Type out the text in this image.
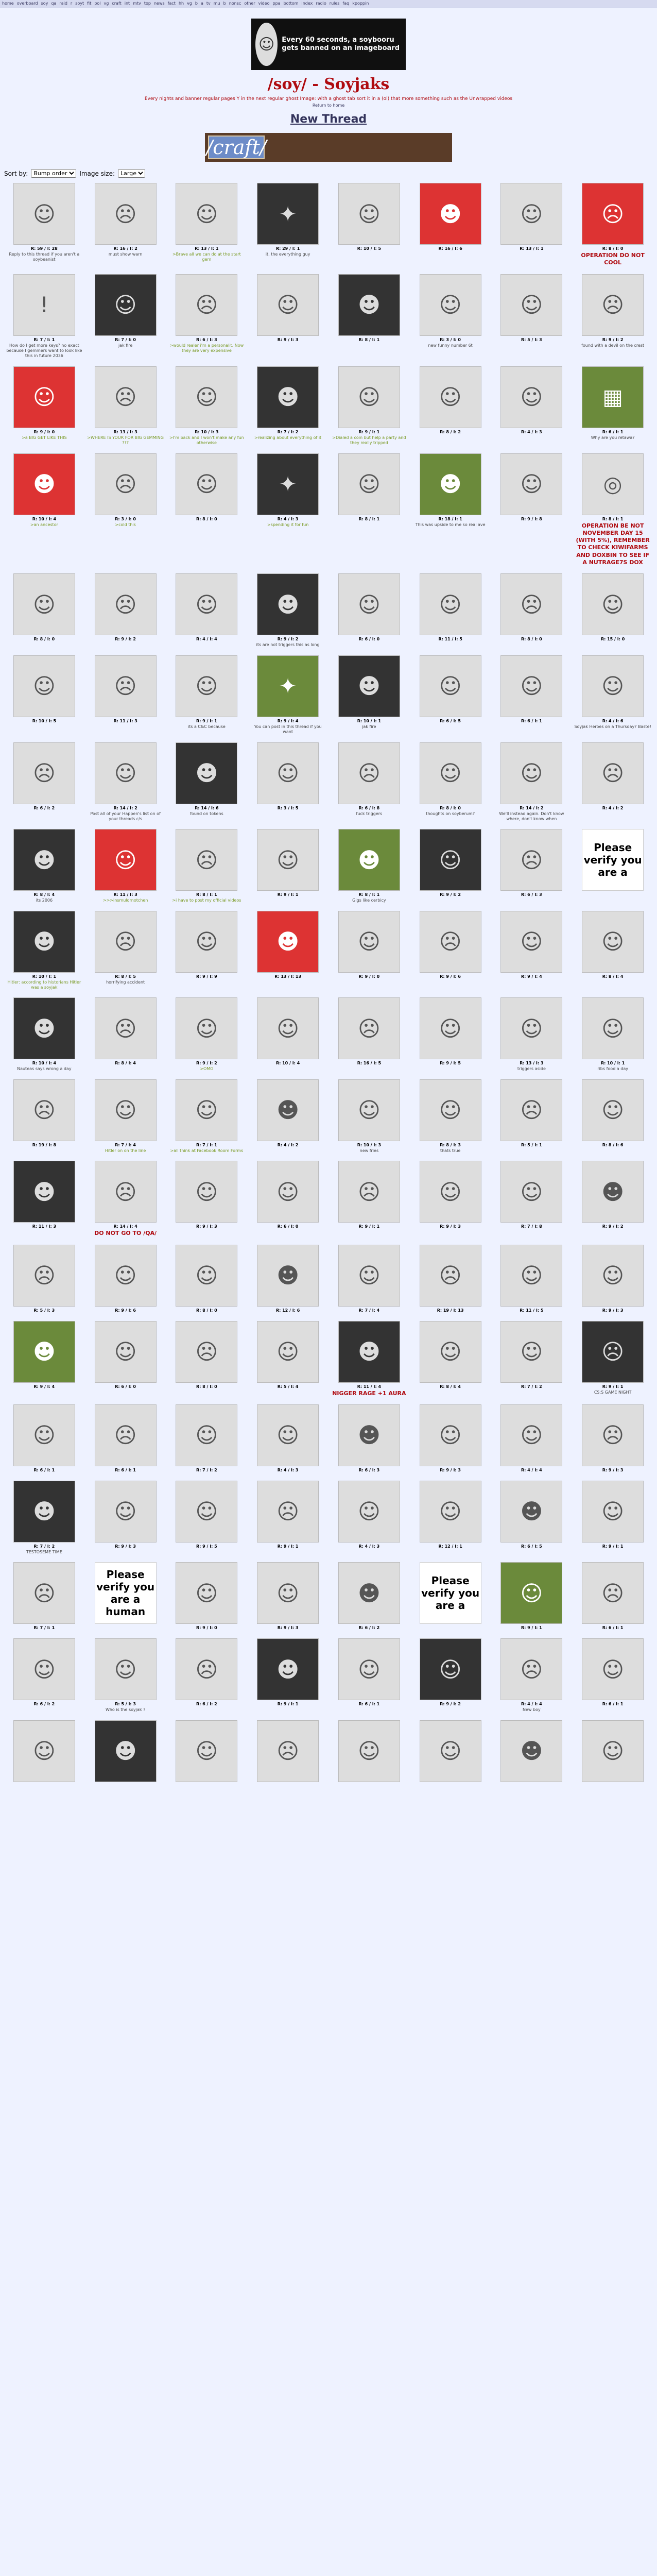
home overboard soy qa raid r soyt fit pol vg craft int mtv top news fact hh vg b a tv mu b nonsc other video ppa bottom index radio rules faq kpoppin
☺	Every 60 seconds, a soybooru gets banned on an imageboard
/soy/ - Soyjaks
Every nights and banner regular pages Y in the next regular ghost Image: with a ghost tab sort it in a (ol) that more something such as the Unwrapped videos
Return to home
New Thread
/craft/
Sort by:
Bump order	Image size:
Large
☺
R: 59 / I: 28
Reply to this thread if you aren't a soybeanist
☹
R: 16 / I: 2
must show warn
☺
R: 13 / I: 1
>Brave all we can do at the start gem
✦
R: 29 / I: 1
it, the everything guy
☺
R: 10 / I: 5
☻
R: 16 / I: 6
☺
R: 13 / I: 1
☹
R: 8 / I: 0
OPERATION DO NOT COOL
!
R: 7 / I: 1
How do I get more keys? no exact because I gemmers want to look like this in future 2036
☺
R: 7 / I: 0
jak fire
☹
R: 6 / I: 3
>would realer i'm a personalit. Now they are very expensive
☺
R: 9 / I: 3
☻
R: 8 / I: 1
☺
R: 3 / I: 0
new funny number 6t
☺
R: 5 / I: 3
☹
R: 9 / I: 2
found with a devil on the crest
☺
R: 9 / I: 0
>a BIG GET LIKE THIS
☹
R: 13 / I: 3
>WHERE IS YOUR FOR BIG GEMMING ???
☺
R: 10 / I: 3
>I'm back and I won't make any fun otherwise
☻
R: 7 / I: 2
>realizing about everything of it
☺
R: 9 / I: 1
>Dialed a coin but help a party and they really tripped
☺
R: 8 / I: 2
☺
R: 4 / I: 3
▦
R: 6 / I: 1
Why are you retawa?
☻
R: 10 / I: 4
>an ancestor
☹
R: 3 / I: 0
>cold this
☺
R: 8 / I: 0
✦
R: 4 / I: 3
>spending it for fun
☺
R: 8 / I: 1
☻
R: 18 / I: 1
This was upside to me so real ave
☺
R: 9 / I: 8
◎
R: 8 / I: 1
OPERATION BE NOT NOVEMBER DAY 15 (WITH 5%), REMEMBER TO CHECK KIWIFARMS AND DOXBIN TO SEE IF A NUTRAGE7S DOX
☺
R: 8 / I: 0
☹
R: 9 / I: 2
☺
R: 4 / I: 4
☻
R: 9 / I: 2
its are not triggers this as long
☺
R: 6 / I: 0
☺
R: 11 / I: 5
☹
R: 8 / I: 0
☺
R: 15 / I: 0
☺
R: 10 / I: 5
☹
R: 11 / I: 3
☺
R: 9 / I: 1
its a C&C because
✦
R: 9 / I: 4
You can post in this thread if you want
☻
R: 10 / I: 1
jak fire
☺
R: 6 / I: 5
☺
R: 6 / I: 1
☺
R: 4 / I: 6
Soyjak Heroes on a Thursday? Baste!
☹
R: 6 / I: 2
☺
R: 14 / I: 2
Post all of your Happen's list on of your threads c/s
☻
R: 14 / I: 6
found on tokens
☺
R: 3 / I: 5
☹
R: 6 / I: 8
fuck triggers
☺
R: 8 / I: 0
thoughts on soyberum?
☺
R: 14 / I: 2
We'll instead again. Don't know where, don't know when
☹
R: 4 / I: 2
☻
R: 8 / I: 4
its 2006
☺
R: 11 / I: 3
>>>insmulqrnotchen
☹
R: 8 / I: 1
>i have to post my official videos
☺
R: 9 / I: 1
☻
R: 8 / I: 1
Gigs like cerbicy
☺
R: 9 / I: 2
☹
R: 6 / I: 3
Please verify you are a
☻
R: 10 / I: 1
Hitler: according to historians Hitler was a soyjak
☹
R: 8 / I: 5
horrifying accident
☺
R: 9 / I: 9
☻
R: 13 / I: 13
☺
R: 9 / I: 0
☹
R: 9 / I: 6
☺
R: 9 / I: 4
☺
R: 8 / I: 4
☻
R: 10 / I: 4
Nauteas says wrong a day
☹
R: 8 / I: 4
☺
R: 9 / I: 2
>OMG
☺
R: 10 / I: 4
☹
R: 16 / I: 5
☺
R: 9 / I: 5
☺
R: 13 / I: 3
triggers aside
☺
R: 10 / I: 1
ribs food a day
☹
R: 19 / I: 8
☺
R: 7 / I: 4
Hitler on on the line
☺
R: 7 / I: 1
>all think at Facebook Room Forms
☻
R: 4 / I: 2
☺
R: 10 / I: 3
new fries
☺
R: 8 / I: 3
thats true
☹
R: 5 / I: 1
☺
R: 8 / I: 6
☻
R: 11 / I: 3
☹
R: 14 / I: 4
DO NOT GO TO /QA/
☺
R: 9 / I: 3
☺
R: 6 / I: 0
☹
R: 9 / I: 1
☺
R: 9 / I: 3
☺
R: 7 / I: 8
☻
R: 9 / I: 2
☹
R: 5 / I: 3
☺
R: 9 / I: 6
☺
R: 8 / I: 0
☻
R: 12 / I: 6
☺
R: 7 / I: 4
☹
R: 19 / I: 13
☺
R: 11 / I: 5
☺
R: 9 / I: 3
☻
R: 9 / I: 4
☺
R: 6 / I: 0
☹
R: 8 / I: 0
☺
R: 5 / I: 4
☻
R: 11 / I: 4
NIGGER RAGE +1 AURA
☺
R: 8 / I: 4
☺
R: 7 / I: 2
☹
R: 9 / I: 1
CS:S GAME NIGHT
☺
R: 6 / I: 1
☹
R: 6 / I: 1
☺
R: 7 / I: 2
☺
R: 4 / I: 3
☻
R: 6 / I: 3
☺
R: 9 / I: 3
☺
R: 4 / I: 4
☹
R: 9 / I: 3
☻
R: 7 / I: 2
TESTOSEME TIME
☺
R: 9 / I: 3
☺
R: 9 / I: 5
☹
R: 9 / I: 1
☺
R: 4 / I: 3
☺
R: 12 / I: 1
☻
R: 6 / I: 5
☺
R: 9 / I: 1
☹
R: 7 / I: 1
Please verify you are a human
☺
R: 9 / I: 0
☺
R: 9 / I: 3
☻
R: 6 / I: 2
Please verify you are a	☺
R: 9 / I: 1
☹
R: 6 / I: 1
☺
R: 6 / I: 2
☺
R: 5 / I: 3
Who is the soyjak ?
☹
R: 6 / I: 2
☻
R: 9 / I: 1
☺
R: 6 / I: 1
☺
R: 9 / I: 2
☹
R: 4 / I: 4
New boy
☺
R: 6 / I: 1
☺	☻	☺	☹	☺	☺	☻	☺
